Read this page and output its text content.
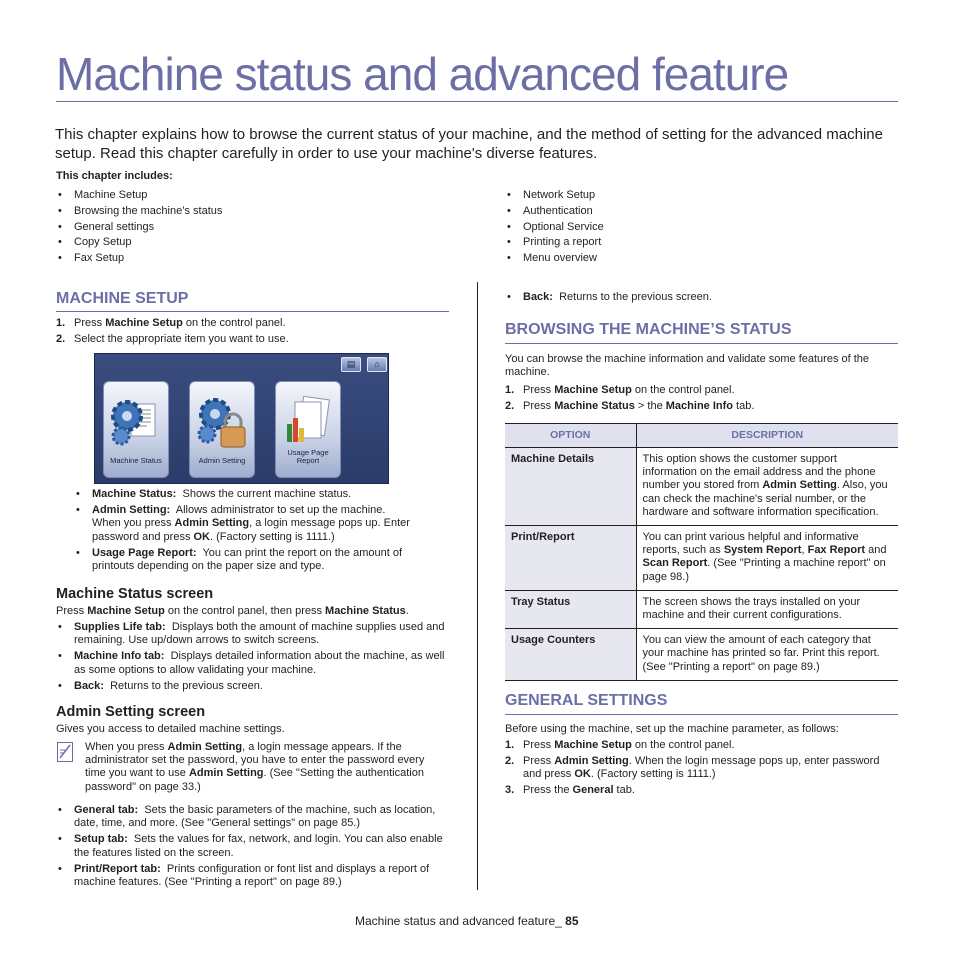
Machine status and advanced feature
This chapter explains how to browse the current status of your machine, and the method of setting for the advanced machine setup. Read this chapter carefully in order to use your machine's diverse features.
This chapter includes:
• Machine Setup
• Browsing the machine’s status
• General settings
• Copy Setup
• Fax Setup
• Network Setup
• Authentication
• Optional Service
• Printing a report
• Menu overview
MACHINE SETUP
1. Press Machine Setup on the control panel.
2. Select the appropriate item you want to use.
▤	⌂
Machine Status	Admin Setting
Usage Page Report
• Machine Status: Shows the current machine status.
• Admin Setting: Allows administrator to set up the machine.
When you press Admin Setting, a login message pops up. Enter password and press OK. (Factory setting is 1111.)
• Usage Page Report: You can print the report on the amount of printouts depending on the paper size and type.
Machine Status screen
Press Machine Setup on the control panel, then press Machine Status.
• Supplies Life tab: Displays both the amount of machine supplies used and remaining. Use up/down arrows to switch screens.
• Machine Info tab: Displays detailed information about the machine, as well as some options to allow validating your machine.
• Back: Returns to the previous screen.
Admin Setting screen
Gives you access to detailed machine settings.
When you press Admin Setting, a login message appears. If the administrator set the password, you have to enter the password every time you want to use Admin Setting. (See "Setting the authentication password" on page 33.)
• General tab: Sets the basic parameters of the machine, such as location, date, time, and more. (See "General settings" on page 85.)
• Setup tab: Sets the values for fax, network, and login. You can also enable the features listed on the screen.
• Print/Report tab: Prints configuration or font list and displays a report of machine features. (See "Printing a report" on page 89.)
• Back: Returns to the previous screen.
BROWSING THE MACHINE’S STATUS
You can browse the machine information and validate some features of the machine.
1. Press Machine Setup on the control panel.
2. Press Machine Status > the Machine Info tab.
OPTION	DESCRIPTION
Machine Details	This option shows the customer support information on the email address and the phone number you stored from Admin Setting. Also, you can check the machine's serial number, or the hardware and software information specification.
Print/Report	You can print various helpful and informative reports, such as System Report, Fax Report and Scan Report. (See "Printing a machine report" on page 98.)
Tray Status	The screen shows the trays installed on your machine and their current configurations.
Usage Counters	You can view the amount of each category that your machine has printed so far. Print this report. (See "Printing a report" on page 89.)
GENERAL SETTINGS
Before using the machine, set up the machine parameter, as follows:
1. Press Machine Setup on the control panel.
2. Press Admin Setting. When the login message pops up, enter password and press OK. (Factory setting is 1111.)
3. Press the General tab.
Machine status and advanced feature_ 85
